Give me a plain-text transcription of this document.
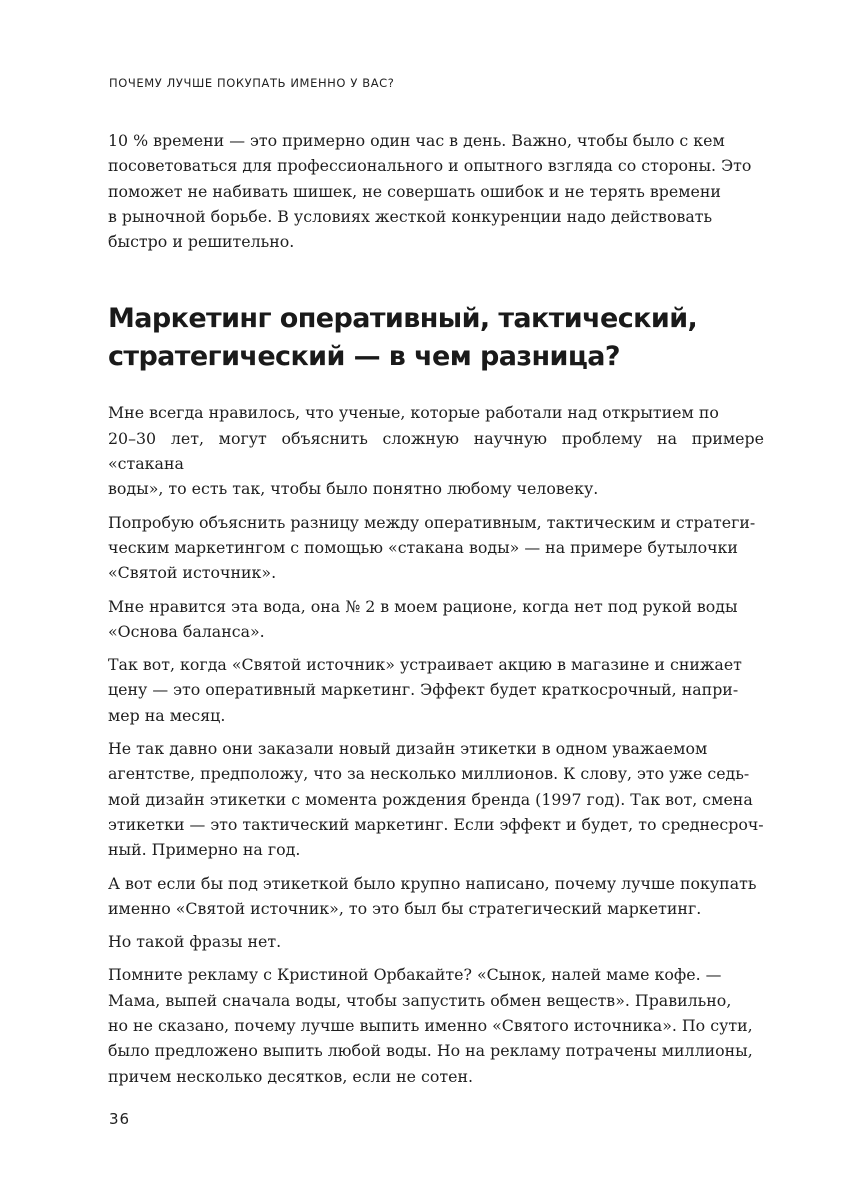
ПОЧЕМУ ЛУЧШЕ ПОКУПАТЬ ИМЕННО У ВАС?

10 % времени — это примерно один час в день. Важно, чтобы было с кем
посоветоваться для профессионального и опытного взгляда со стороны. Это
поможет не набивать шишек, не совершать ошибок и не терять времени
в рыночной борьбе. В условиях жесткой конкуренции надо действовать
быстро и решительно.

Маркетинг оперативный, тактический,
стратегический — в чем разница?

Мне всегда нравилось, что ученые, которые работали над открытием по
20–30 лет, могут объяснить сложную научную проблему на примере «стакана
воды», то есть так, чтобы было понятно любому человеку.

Попробую объяснить разницу между оперативным, тактическим и стратеги-
ческим маркетингом с помощью «стакана воды» — на примере бутылочки
«Святой источник».

Мне нравится эта вода, она № 2 в моем рационе, когда нет под рукой воды
«Основа баланса».

Так вот, когда «Святой источник» устраивает акцию в магазине и снижает
цену — это оперативный маркетинг. Эффект будет краткосрочный, напри-
мер на месяц.

Не так давно они заказали новый дизайн этикетки в одном уважаемом
агентстве, предположу, что за несколько миллионов. К слову, это уже седь-
мой дизайн этикетки с момента рождения бренда (1997 год). Так вот, смена
этикетки — это тактический маркетинг. Если эффект и будет, то среднесроч-
ный. Примерно на год.

А вот если бы под этикеткой было крупно написано, почему лучше покупать
именно «Святой источник», то это был бы стратегический маркетинг.

Но такой фразы нет.

Помните рекламу с Кристиной Орбакайте? «Сынок, налей маме кофе. —
Мама, выпей сначала воды, чтобы запустить обмен веществ». Правильно,
но не сказано, почему лучше выпить именно «Святого источника». По сути,
было предложено выпить любой воды. Но на рекламу потрачены миллионы,
причем несколько десятков, если не сотен.

36
